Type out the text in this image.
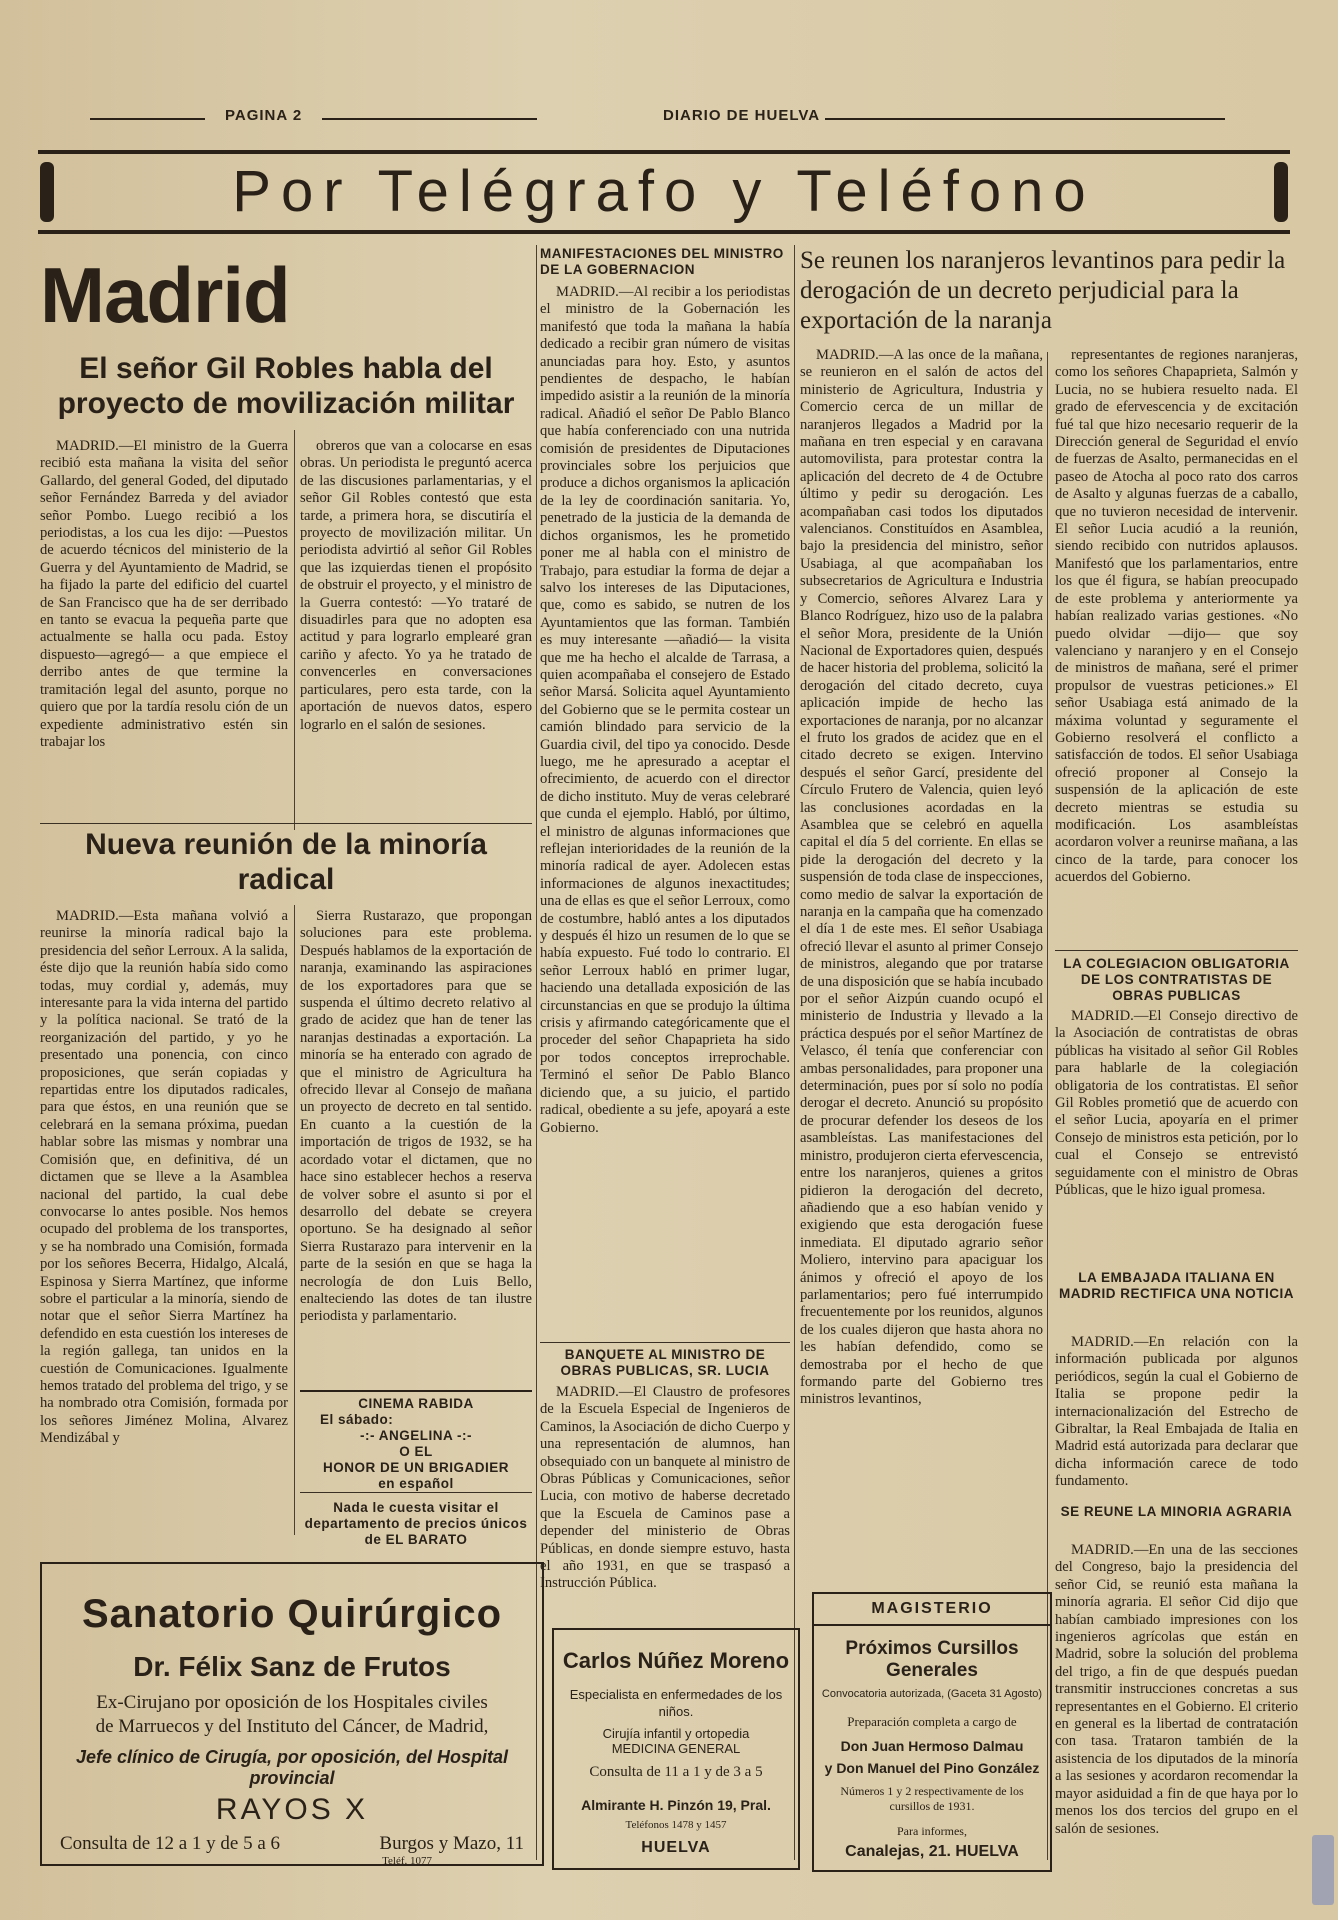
PAGINA 2	DIARIO DE HUELVA
Por Telégrafo y Teléfono
Madrid
El señor Gil Robles habla del proyecto de movilización militar

MADRID.—El ministro de la Guerra recibió esta mañana la visita del señor Gallardo, del general Goded, del diputado señor Fernández Barreda y del aviador señor Pombo. Luego recibió a los periodistas, a los cua les dijo: —Puestos de acuerdo técnicos del ministerio de la Guerra y del Ayuntamiento de Madrid, se ha fijado la parte del edificio del cuartel de San Francisco que ha de ser derribado en tanto se evacua la pequeña parte que actualmente se halla ocu pada. Estoy dispuesto—agregó— a que empiece el derribo antes de que termine la tramitación legal del asunto, porque no quiero que por la tardía resolu ción de un expediente administrativo estén sin trabajar los

obreros que van a colocarse en esas obras. Un periodista le preguntó acerca de las discusiones parlamentarias, y el señor Gil Robles contestó que esta tarde, a primera hora, se discutiría el proyecto de movilización militar. Un periodista advirtió al señor Gil Robles que las izquierdas tienen el propósito de obstruir el proyecto, y el ministro de la Guerra contestó: —Yo trataré de disuadirles para que no adopten esa actitud y para lograrlo emplearé gran cariño y afecto. Yo ya he tratado de convencerles en conversaciones particulares, pero esta tarde, con la aportación de nuevos datos, espero lograrlo en el salón de sesiones.

Nueva reunión de la minoría radical

MADRID.—Esta mañana volvió a reunirse la minoría radical bajo la presidencia del señor Lerroux. A la salida, éste dijo que la reunión había sido como todas, muy cordial y, además, muy interesante para la vida interna del partido y la política nacional. Se trató de la reorganización del partido, y yo he presentado una ponencia, con cinco proposiciones, que serán copiadas y repartidas entre los diputados radicales, para que éstos, en una reunión que se celebrará en la semana próxima, puedan hablar sobre las mismas y nombrar una Comisión que, en definitiva, dé un dictamen que se lleve a la Asamblea nacional del partido, la cual debe convocarse lo antes posible. Nos hemos ocupado del problema de los transportes, y se ha nombrado una Comisión, formada por los señores Becerra, Hidalgo, Alcalá, Espinosa y Sierra Martínez, que informe sobre el particular a la minoría, siendo de notar que el señor Sierra Martínez ha defendido en esta cuestión los intereses de la región gallega, tan unidos en la cuestión de Comunicaciones. Igualmente hemos tratado del problema del trigo, y se ha nombrado otra Comisión, formada por los señores Jiménez Molina, Alvarez Mendizábal y

Sierra Rustarazo, que propongan soluciones para este problema. Después hablamos de la exportación de naranja, examinando las aspiraciones de los exportadores para que se suspenda el último decreto relativo al grado de acidez que han de tener las naranjas destinadas a exportación. La minoría se ha enterado con agrado de que el ministro de Agricultura ha ofrecido llevar al Consejo de mañana un proyecto de decreto en tal sentido. En cuanto a la cuestión de la importación de trigos de 1932, se ha acordado votar el dictamen, que no hace sino establecer hechos a reserva de volver sobre el asunto si por el desarrollo del debate se creyera oportuno. Se ha designado al señor Sierra Rustarazo para intervenir en la parte de la sesión en que se haga la necrología de don Luis Bello, enalteciendo las dotes de tan ilustre periodista y parlamentario.

CINEMA RABIDA
El sábado:
-:- ANGELINA -:-
O EL
HONOR DE UN BRIGADIER
en español
Nada le cuesta visitar el departamento de precios únicos de EL BARATO
Sanatorio Quirúrgico
Dr. Félix Sanz de Frutos
Ex-Cirujano por oposición de los Hospitales civiles
de Marruecos y del Instituto del Cáncer, de Madrid,
Jefe clínico de Cirugía, por oposición, del Hospital provincial
RAYOS X
Consulta de 12 a 1 y de 5 a 6	Burgos y Mazo, 11
Teléf. 1077
MANIFESTACIONES DEL MINISTRO DE LA GOBERNACION

MADRID.—Al recibir a los periodistas el ministro de la Gobernación les manifestó que toda la mañana la había dedicado a recibir gran número de visitas anunciadas para hoy. Esto, y asuntos pendientes de despacho, le habían impedido asistir a la reunión de la minoría radical. Añadió el señor De Pablo Blanco que había conferenciado con una nutrida comisión de presidentes de Diputaciones provinciales sobre los perjuicios que produce a dichos organismos la aplicación de la ley de coordinación sanitaria. Yo, penetrado de la justicia de la demanda de dichos organismos, les he prometido poner me al habla con el ministro de Trabajo, para estudiar la forma de dejar a salvo los intereses de las Diputaciones, que, como es sabido, se nutren de los Ayuntamientos que las forman. También es muy interesante —añadió— la visita que me ha hecho el alcalde de Tarrasa, a quien acompañaba el consejero de Estado señor Marsá. Solicita aquel Ayuntamiento del Gobierno que se le permita costear un camión blindado para servicio de la Guardia civil, del tipo ya conocido. Desde luego, me he apresurado a aceptar el ofrecimiento, de acuerdo con el director de dicho instituto. Muy de veras celebraré que cunda el ejemplo. Habló, por último, el ministro de algunas informaciones que reflejan interioridades de la reunión de la minoría radical de ayer. Adolecen estas informaciones de algunos inexactitudes; una de ellas es que el señor Lerroux, como de costumbre, habló antes a los diputados y después él hizo un resumen de lo que se había expuesto. Fué todo lo contrario. El señor Lerroux habló en primer lugar, haciendo una detallada exposición de las circunstancias en que se produjo la última crisis y afirmando categóricamente que el proceder del señor Chapaprieta ha sido por todos conceptos irreprochable. Terminó el señor De Pablo Blanco diciendo que, a su juicio, el partido radical, obediente a su jefe, apoyará a este Gobierno.

BANQUETE AL MINISTRO DE OBRAS PUBLICAS, SR. LUCIA

MADRID.—El Claustro de profesores de la Escuela Especial de Ingenieros de Caminos, la Asociación de dicho Cuerpo y una representación de alumnos, han obsequiado con un banquete al ministro de Obras Públicas y Comunicaciones, señor Lucia, con motivo de haberse decretado que la Escuela de Caminos pase a depender del ministerio de Obras Públicas, en donde siempre estuvo, hasta el año 1931, en que se traspasó a Instrucción Pública.

Carlos Núñez Moreno
Especialista en enfermedades de los niños.
Cirujía infantil y ortopedia
MEDICINA GENERAL
Consulta de 11 a 1 y de 3 a 5
Almirante H. Pinzón 19, Pral.
Teléfonos 1478 y 1457
HUELVA
Se reunen los naranjeros levantinos para pedir la derogación de un decreto perjudicial para la exportación de la naranja

MADRID.—A las once de la mañana, se reunieron en el salón de actos del ministerio de Agricultura, Industria y Comercio cerca de un millar de naranjeros llegados a Madrid por la mañana en tren especial y en caravana automovilista, para protestar contra la aplicación del decreto de 4 de Octubre último y pedir su derogación. Les acompañaban casi todos los diputados valencianos. Constituídos en Asamblea, bajo la presidencia del ministro, señor Usabiaga, al que acompañaban los subsecretarios de Agricultura e Industria y Comercio, señores Alvarez Lara y Blanco Rodríguez, hizo uso de la palabra el señor Mora, presidente de la Unión Nacional de Exportadores quien, después de hacer historia del problema, solicitó la derogación del citado decreto, cuya aplicación impide de hecho las exportaciones de naranja, por no alcanzar el fruto los grados de acidez que en el citado decreto se exigen. Intervino después el señor Garcí, presidente del Círculo Frutero de Valencia, quien leyó las conclusiones acordadas en la Asamblea que se celebró en aquella capital el día 5 del corriente. En ellas se pide la derogación del decreto y la suspensión de toda clase de inspecciones, como medio de salvar la exportación de naranja en la campaña que ha comenzado el día 1 de este mes. El señor Usabiaga ofreció llevar el asunto al primer Consejo de ministros, alegando que por tratarse de una disposición que se había incubado por el señor Aizpún cuando ocupó el ministerio de Industria y llevado a la práctica después por el señor Martínez de Velasco, él tenía que conferenciar con ambas personalidades, para proponer una determinación, pues por sí solo no podía derogar el decreto. Anunció su propósito de procurar defender los deseos de los asambleístas. Las manifestaciones del ministro, produjeron cierta efervescencia, entre los naranjeros, quienes a gritos pidieron la derogación del decreto, añadiendo que a eso habían venido y exigiendo que esta derogación fuese inmediata. El diputado agrario señor Moliero, intervino para apaciguar los ánimos y ofreció el apoyo de los parlamentarios; pero fué interrumpido frecuentemente por los reunidos, algunos de los cuales dijeron que hasta ahora no les habían defendido, como se demostraba por el hecho de que formando parte del Gobierno tres ministros levantinos,

representantes de regiones naranjeras, como los señores Chapaprieta, Salmón y Lucia, no se hubiera resuelto nada. El grado de efervescencia y de excitación fué tal que hizo necesario requerir de la Dirección general de Seguridad el envío de fuerzas de Asalto, permanecidas en el paseo de Atocha al poco rato dos carros de Asalto y algunas fuerzas de a caballo, que no tuvieron necesidad de intervenir. El señor Lucia acudió a la reunión, siendo recibido con nutridos aplausos. Manifestó que los parlamentarios, entre los que él figura, se habían preocupado de este problema y anteriormente ya habían realizado varias gestiones. «No puedo olvidar —dijo— que soy valenciano y naranjero y en el Consejo de ministros de mañana, seré el primer propulsor de vuestras peticiones.» El señor Usabiaga está animado de la máxima voluntad y seguramente el Gobierno resolverá el conflicto a satisfacción de todos. El señor Usabiaga ofreció proponer al Consejo la suspensión de la aplicación de este decreto mientras se estudia su modificación. Los asambleístas acordaron volver a reunirse mañana, a las cinco de la tarde, para conocer los acuerdos del Gobierno.

LA COLEGIACION OBLIGATORIA DE LOS CONTRATISTAS DE OBRAS PUBLICAS

MADRID.—El Consejo directivo de la Asociación de contratistas de obras públicas ha visitado al señor Gil Robles para hablarle de la colegiación obligatoria de los contratistas. El señor Gil Robles prometió que de acuerdo con el señor Lucia, apoyaría en el primer Consejo de ministros esta petición, por lo cual el Consejo se entrevistó seguidamente con el ministro de Obras Públicas, que le hizo igual promesa.

LA EMBAJADA ITALIANA EN MADRID RECTIFICA UNA NOTICIA

MADRID.—En relación con la información publicada por algunos periódicos, según la cual el Gobierno de Italia se propone pedir la internacionalización del Estrecho de Gibraltar, la Real Embajada de Italia en Madrid está autorizada para declarar que dicha información carece de todo fundamento.

SE REUNE LA MINORIA AGRARIA

MADRID.—En una de las secciones del Congreso, bajo la presidencia del señor Cid, se reunió esta mañana la minoría agraria. El señor Cid dijo que habían cambiado impresiones con los ingenieros agrícolas que están en Madrid, sobre la solución del problema del trigo, a fin de que después puedan transmitir instrucciones concretas a sus representantes en el Gobierno. El criterio en general es la libertad de contratación con tasa. Trataron también de la asistencia de los diputados de la minoría a las sesiones y acordaron recomendar la mayor asiduidad a fin de que haya por lo menos los dos tercios del grupo en el salón de sesiones.

MAGISTERIO
Próximos Cursillos Generales
Convocatoria autorizada, (Gaceta 31 Agosto)
Preparación completa a cargo de
Don Juan Hermoso Dalmau
y Don Manuel del Pino González
Números 1 y 2 respectivamente de los cursillos de 1931.
Para informes,
Canalejas, 21. HUELVA
